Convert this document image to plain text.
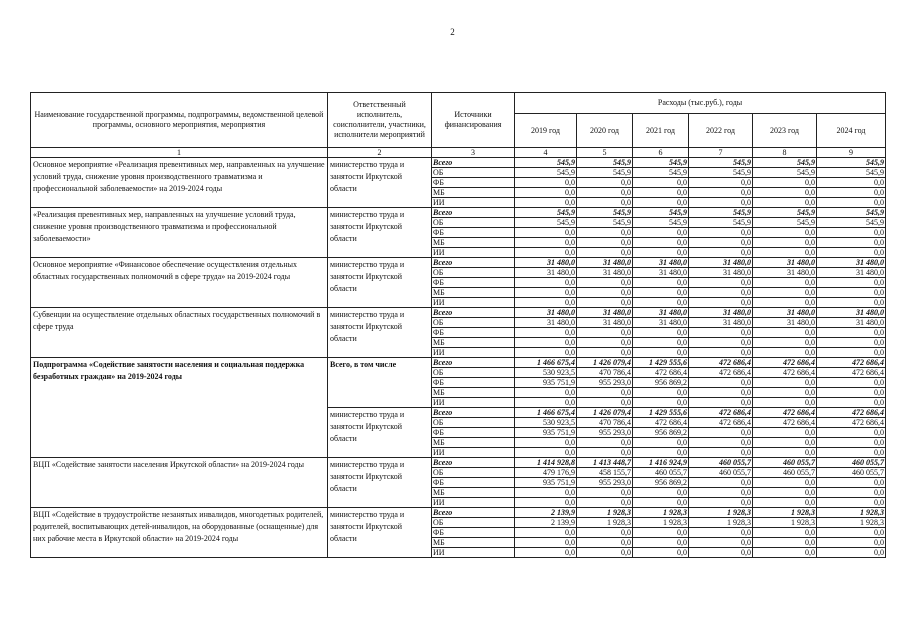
2
Наименование государственной программы, подпрограммы, ведомственной целевой программы, основного мероприятия, мероприятия	Ответственный исполнитель, соисполнители, участники, исполнители мероприятий	Источники финансирования	Расходы (тыс.руб.), годы					
			2019 год	2020 год	2021 год	2022 год	2023 год	2024 год
1	2	3	4	5	6	7	8	9
Основное мероприятие «Реализация превентивных мер, направленных на улучшение условий труда, снижение уровня производственного травматизма и профессиональной заболеваемости» на 2019-2024 годы	министерство труда и занятости Иркутской области	Всего	545,9	545,9	545,9	545,9	545,9	545,9
		ОБ	545,9	545,9	545,9	545,9	545,9	545,9
		ФБ	0,0	0,0	0,0	0,0	0,0	0,0
		МБ	0,0	0,0	0,0	0,0	0,0	0,0
		ИИ	0,0	0,0	0,0	0,0	0,0	0,0
«Реализация превентивных мер, направленных на улучшение условий труда, снижение уровня производственного травматизма и профессиональной заболеваемости»	министерство труда и занятости Иркутской области	Всего	545,9	545,9	545,9	545,9	545,9	545,9
		ОБ	545,9	545,9	545,9	545,9	545,9	545,9
		ФБ	0,0	0,0	0,0	0,0	0,0	0,0
		МБ	0,0	0,0	0,0	0,0	0,0	0,0
		ИИ	0,0	0,0	0,0	0,0	0,0	0,0
Основное мероприятие «Финансовое обеспечение осуществления отдельных областных государственных полномочий в сфере труда» на 2019-2024 годы	министерство труда и занятости Иркутской области	Всего	31 480,0	31 480,0	31 480,0	31 480,0	31 480,0	31 480,0
		ОБ	31 480,0	31 480,0	31 480,0	31 480,0	31 480,0	31 480,0
		ФБ	0,0	0,0	0,0	0,0	0,0	0,0
		МБ	0,0	0,0	0,0	0,0	0,0	0,0
		ИИ	0,0	0,0	0,0	0,0	0,0	0,0
Субвенции на осуществление отдельных областных государственных полномочий в сфере труда	министерство труда и занятости Иркутской области	Всего	31 480,0	31 480,0	31 480,0	31 480,0	31 480,0	31 480,0
		ОБ	31 480,0	31 480,0	31 480,0	31 480,0	31 480,0	31 480,0
		ФБ	0,0	0,0	0,0	0,0	0,0	0,0
		МБ	0,0	0,0	0,0	0,0	0,0	0,0
		ИИ	0,0	0,0	0,0	0,0	0,0	0,0
Подпрограмма «Содействие занятости населения и социальная поддержка безработных граждан» на 2019-2024 годы	Всего, в том числе	Всего	1 466 675,4	1 426 079,4	1 429 555,6	472 686,4	472 686,4	472 686,4
		ОБ	530 923,5	470 786,4	472 686,4	472 686,4	472 686,4	472 686,4
		ФБ	935 751,9	955 293,0	956 869,2	0,0	0,0	0,0
		МБ	0,0	0,0	0,0	0,0	0,0	0,0
		ИИ	0,0	0,0	0,0	0,0	0,0	0,0
	министерство труда и занятости Иркутской области	Всего	1 466 675,4	1 426 079,4	1 429 555,6	472 686,4	472 686,4	472 686,4
		ОБ	530 923,5	470 786,4	472 686,4	472 686,4	472 686,4	472 686,4
		ФБ	935 751,9	955 293,0	956 869,2	0,0	0,0	0,0
		МБ	0,0	0,0	0,0	0,0	0,0	0,0
		ИИ	0,0	0,0	0,0	0,0	0,0	0,0
ВЦП «Содействие занятости населения Иркутской области» на 2019-2024 годы	министерство труда и занятости Иркутской области	Всего	1 414 928,8	1 413 448,7	1 416 924,9	460 055,7	460 055,7	460 055,7
		ОБ	479 176,9	458 155,7	460 055,7	460 055,7	460 055,7	460 055,7
		ФБ	935 751,9	955 293,0	956 869,2	0,0	0,0	0,0
		МБ	0,0	0,0	0,0	0,0	0,0	0,0
		ИИ	0,0	0,0	0,0	0,0	0,0	0,0
ВЦП «Содействие в трудоустройстве незанятых инвалидов, многодетных родителей, родителей, воспитывающих детей-инвалидов, на оборудованные (оснащенные) для них рабочие места в Иркутской области» на 2019-2024 годы	министерство труда и занятости Иркутской области	Всего	2 139,9	1 928,3	1 928,3	1 928,3	1 928,3	1 928,3
		ОБ	2 139,9	1 928,3	1 928,3	1 928,3	1 928,3	1 928,3
		ФБ	0,0	0,0	0,0	0,0	0,0	0,0
		МБ	0,0	0,0	0,0	0,0	0,0	0,0
		ИИ	0,0	0,0	0,0	0,0	0,0	0,0
